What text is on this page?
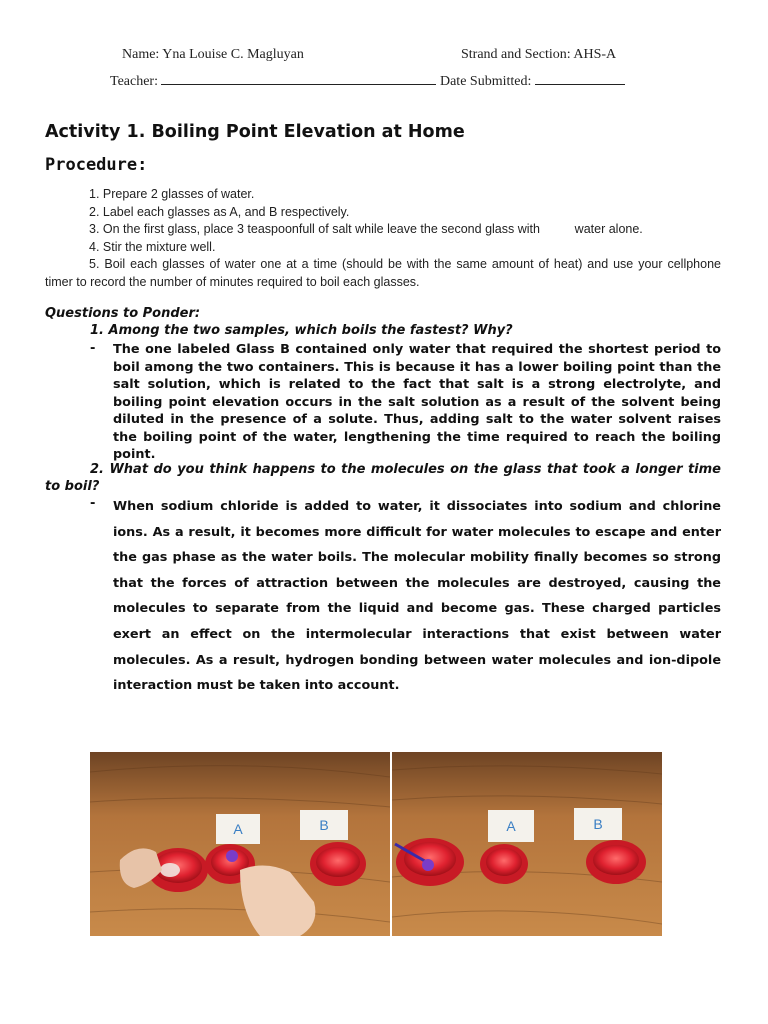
Name: Yna Louise C. Magluyan	Strand and Section: AHS-A
Teacher:	Date Submitted:
Activity 1. Boiling Point Elevation at Home
Procedure:
1. Prepare 2 glasses of water.
2. Label each glasses as A, and B respectively.
3. On the first glass, place 3 teaspoonfull of salt while leave the second glass with          water alone.
4. Stir the mixture well.
5. Boil each glasses of water one at a time (should be with the same amount of heat) and use your cellphone timer to record the number of minutes required to boil each glasses.
Questions to Ponder:
1. Among the two samples, which boils the fastest? Why?
- The one labeled Glass B contained only water that required the shortest period to boil among the two containers. This is because it has a lower boiling point than the salt solution, which is related to the fact that salt is a strong electrolyte, and boiling point elevation occurs in the salt solution as a result of the solvent being diluted in the presence of a solute. Thus, adding salt to the water solvent raises the boiling point of the water, lengthening the time required to reach the boiling point.
2. What do you think happens to the molecules on the glass that took a longer time to boil?
- When sodium chloride is added to water, it dissociates into sodium and chlorine ions. As a result, it becomes more difficult for water molecules to escape and enter the gas phase as the water boils. The molecular mobility finally becomes so strong that the forces of attraction between the molecules are destroyed, causing the molecules to separate from the liquid and become gas. These charged particles exert an effect on the intermolecular interactions that exist between water molecules. As a result, hydrogen bonding between water molecules and ion-dipole interaction must be taken into account.
A	B	A	B
